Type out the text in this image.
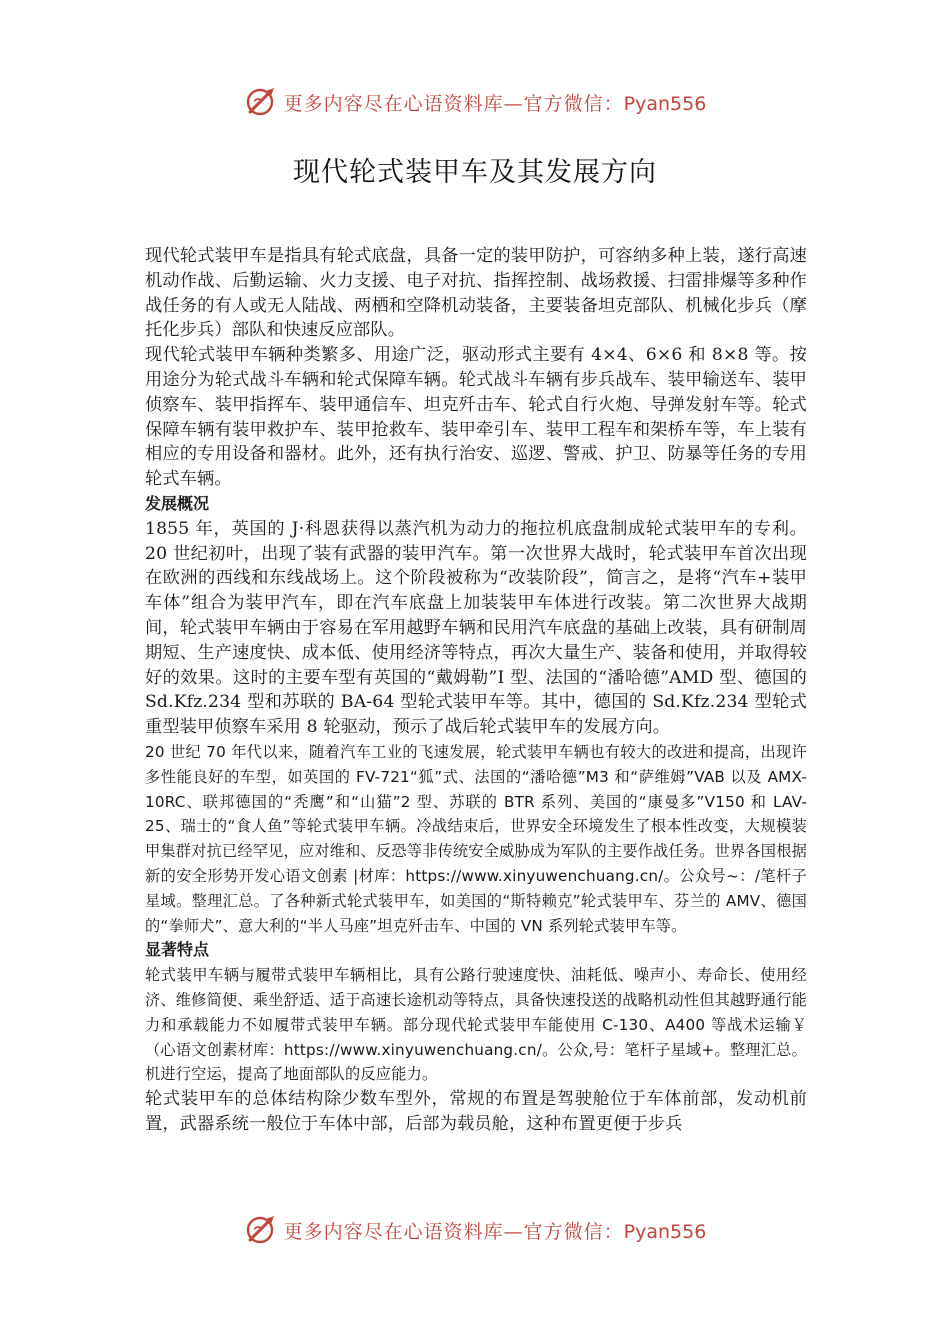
更多内容尽在心语资料库—官方微信：Pyan556
现代轮式装甲车及其发展方向

现代轮式装甲车是指具有轮式底盘，具备一定的装甲防护，可容纳多种上装，遂行高速机动作战、后勤运输、火力支援、电子对抗、指挥控制、战场救援、扫雷排爆等多种作战任务的有人或无人陆战、两栖和空降机动装备，主要装备坦克部队、机械化步兵（摩托化步兵）部队和快速反应部队。

现代轮式装甲车辆种类繁多、用途广泛，驱动形式主要有 4×4、6×6 和 8×8 等。按用途分为轮式战斗车辆和轮式保障车辆。轮式战斗车辆有步兵战车、装甲输送车、装甲侦察车、装甲指挥车、装甲通信车、坦克歼击车、轮式自行火炮、导弹发射车等。轮式保障车辆有装甲救护车、装甲抢救车、装甲牵引车、装甲工程车和架桥车等，车上装有相应的专用设备和器材。此外，还有执行治安、巡逻、警戒、护卫、防暴等任务的专用轮式车辆。

发展概况

1855 年，英国的 J·科恩获得以蒸汽机为动力的拖拉机底盘制成轮式装甲车的专利。20 世纪初叶，出现了装有武器的装甲汽车。第一次世界大战时，轮式装甲车首次出现在欧洲的西线和东线战场上。这个阶段被称为“改装阶段”，简言之，是将“汽车+装甲车体”组合为装甲汽车，即在汽车底盘上加装装甲车体进行改装。第二次世界大战期间，轮式装甲车辆由于容易在军用越野车辆和民用汽车底盘的基础上改装，具有研制周期短、生产速度快、成本低、使用经济等特点，再次大量生产、装备和使用，并取得较好的效果。这时的主要车型有英国的“戴姆勒”I 型、法国的“潘哈德”AMD 型、德国的 Sd.Kfz.234 型和苏联的 BA-64 型轮式装甲车等。其中，德国的 Sd.Kfz.234 型轮式重型装甲侦察车采用 8 轮驱动，预示了战后轮式装甲车的发展方向。

20 世纪 70 年代以来，随着汽车工业的飞速发展，轮式装甲车辆也有较大的改进和提高，出现许多性能良好的车型，如英国的 FV-721“狐”式、法国的“潘哈德”M3 和“萨维姆”VAB 以及 AMX-10RC、联邦德国的“秃鹰”和“山猫”2 型、苏联的 BTR 系列、美国的“康曼多”V150 和 LAV-25、瑞士的“食人鱼”等轮式装甲车辆。冷战结束后，世界安全环境发生了根本性改变，大规模装甲集群对抗已经罕见，应对维和、反恐等非传统安全威胁成为军队的主要作战任务。世界各国根据新的安全形势开发心语文创素 |材库：https://www.xinyuwenchuang.cn/。公众号~：/笔杆子星域。整理汇总。了各种新式轮式装甲车，如美国的“斯特赖克”轮式装甲车、芬兰的 AMV、德国的“拳师犬”、意大利的“半人马座”坦克歼击车、中国的 VN 系列轮式装甲车等。

显著特点

轮式装甲车辆与履带式装甲车辆相比，具有公路行驶速度快、油耗低、噪声小、寿命长、使用经济、维修简便、乘坐舒适、适于高速长途机动等特点，具备快速投送的战略机动性但其越野通行能力和承载能力不如履带式装甲车辆。部分现代轮式装甲车能使用 C-130、A400 等战术运输￥（心语文创素材库：https://www.xinyuwenchuang.cn/。公众,号：笔杆子星域+。整理汇总。机进行空运，提高了地面部队的反应能力。

轮式装甲车的总体结构除少数车型外，常规的布置是驾驶舱位于车体前部，发动机前置，武器系统一般位于车体中部，后部为载员舱，这种布置更便于步兵

更多内容尽在心语资料库—官方微信：Pyan556
